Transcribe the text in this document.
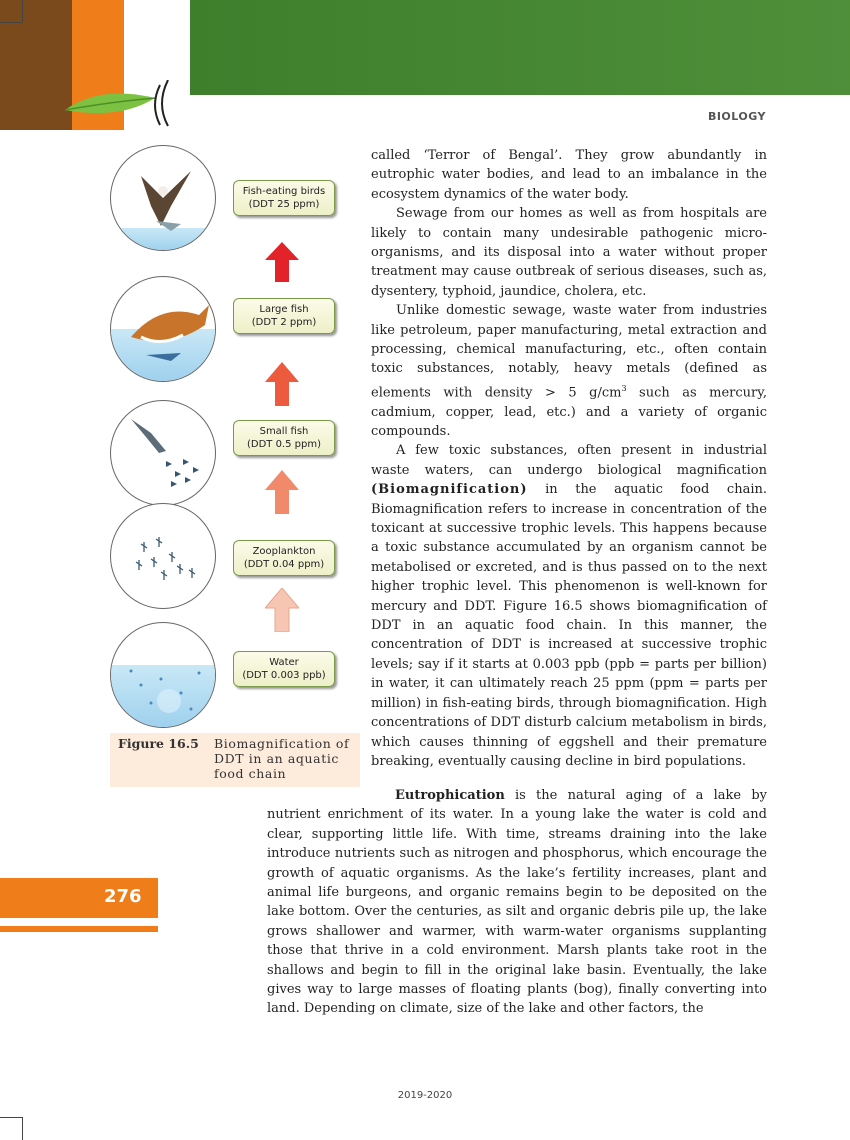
BIOLOGY
Fish-eating birds
(DDT 25 ppm)
Large fish
(DDT 2 ppm)
Small fish
(DDT 0.5 ppm)
Zooplankton
(DDT 0.04 ppm)
Water
(DDT 0.003 ppb)
Figure 16.5 Biomagnification of DDT in an aquatic food chain

called ‘Terror of Bengal’. They grow abundantly in eutrophic water bodies, and lead to an imbalance in the ecosystem dynamics of the water body.

Sewage from our homes as well as from hospitals are likely to contain many undesirable pathogenic micro-organisms, and its disposal into a water without proper treatment may cause outbreak of serious diseases, such as, dysentery, typhoid, jaundice, cholera, etc.

Unlike domestic sewage, waste water from industries like petroleum, paper manufacturing, metal extraction and processing, chemical manufacturing, etc., often contain toxic substances, notably, heavy metals (defined as elements with density > 5 $g/cm^3$ such as mercury, cadmium, copper, lead, etc.) and a variety of organic compounds.

A few toxic substances, often present in industrial waste waters, can undergo biological magnification (Biomagnification) in the aquatic food chain. Biomagnification refers to increase in concentration of the toxicant at successive trophic levels. This happens because a toxic substance accumulated by an organism cannot be metabolised or excreted, and is thus passed on to the next higher trophic level. This phenomenon is well-known for mercury and DDT. Figure 16.5 shows biomagnification of DDT in an aquatic food chain. In this manner, the concentration of DDT is increased at successive trophic levels; say if it starts at 0.003 ppb (ppb = parts per billion) in water, it can ultimately reach 25 ppm (ppm = parts per million) in fish-eating birds, through biomagnification. High concentrations of DDT disturb calcium metabolism in birds, which causes thinning of eggshell and their premature breaking, eventually causing decline in bird populations.

Eutrophication is the natural aging of a lake by nutrient enrichment of its water. In a young lake the water is cold and clear, supporting little life. With time, streams draining into the lake introduce nutrients such as nitrogen and phosphorus, which encourage the growth of aquatic organisms. As the lake’s fertility increases, plant and animal life burgeons, and organic remains begin to be deposited on the lake bottom. Over the centuries, as silt and organic debris pile up, the lake grows shallower and warmer, with warm-water organisms supplanting those that thrive in a cold environment. Marsh plants take root in the shallows and begin to fill in the original lake basin. Eventually, the lake gives way to large masses of floating plants (bog), finally converting into land. Depending on climate, size of the lake and other factors, the

276
2019-2020
